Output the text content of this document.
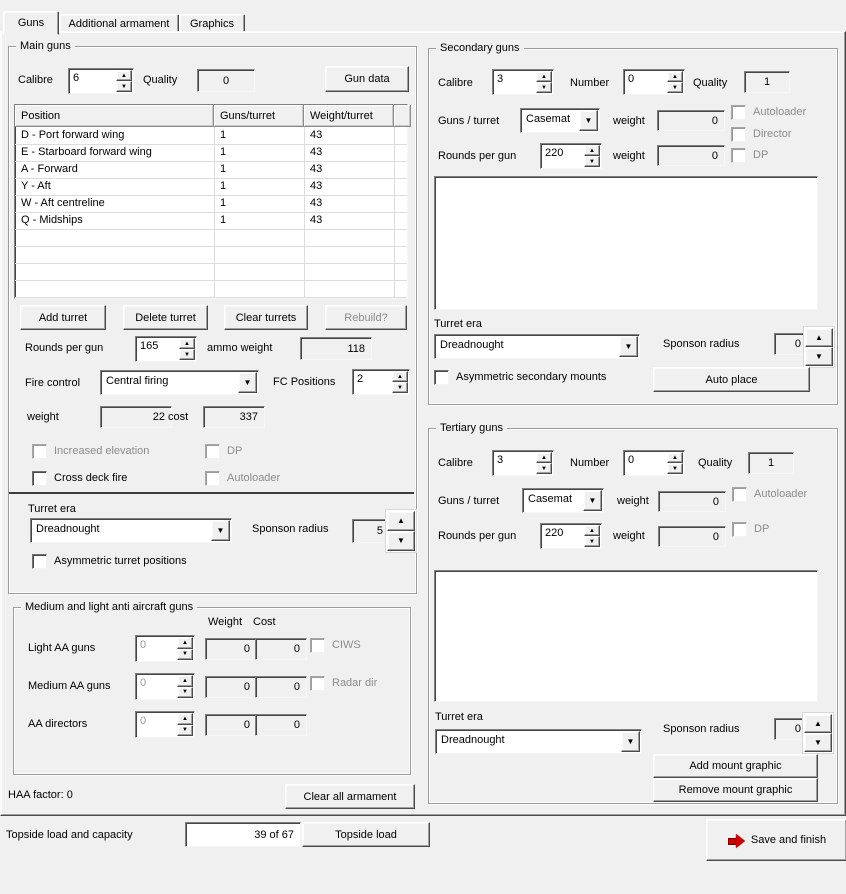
Guns Additional armament Graphics
Main guns
Calibre 6	▲
▼
Quality	0	Gun data
Position	Guns/turret	Weight/turret
D - Port forward wing	1	43
E - Starboard forward wing	1	43
A - Forward	1	43
Y - Aft	1	43
W - Aft centreline	1	43
Q - Midships	1	43
Add turret	Delete turret	Clear turrets	Rebuild?
Rounds per gun	165	▲
▼
ammo weight	118
Fire control	Central firing	▼	FC Positions 2	▲
▼
weight	22 cost	337
Increased elevation	DP
Cross deck fire	Autoloader
Turret era
Dreadnought	▼	Sponson radius	5
▲
▼
Asymmetric turret positions
Medium and light anti aircraft guns
Weight Cost
Light AA guns	0	▲
▼	0	0	CIWS
Medium AA guns	0	▲
▼	0	0	Radar dir
AA directors	0	▲
▼	0	0
HAA factor: 0	Clear all armament
Secondary guns
Calibre 3	▲
▼	Number 0	▲
▼	Quality	1
Guns / turret	Casemat	▼	weight	0
Autoloader
Director
DP
Rounds per gun	220	▲
▼	weight	0
Turret era
Dreadnought	▼	Sponson radius	0
▲
▼
Asymmetric secondary mounts	Auto place
Tertiary guns
Calibre 3	▲
▼	Number 0	▲
▼	Quality	1
Guns / turret	Casemat	▼	weight	0
Autoloader
Rounds per gun	220	▲
▼	weight	0
DP
Turret era
Dreadnought	▼
Sponson radius	0	▲
▼
Add mount graphic
Remove mount graphic
Topside load and capacity	39 of 67	Topside load	Save and finish
